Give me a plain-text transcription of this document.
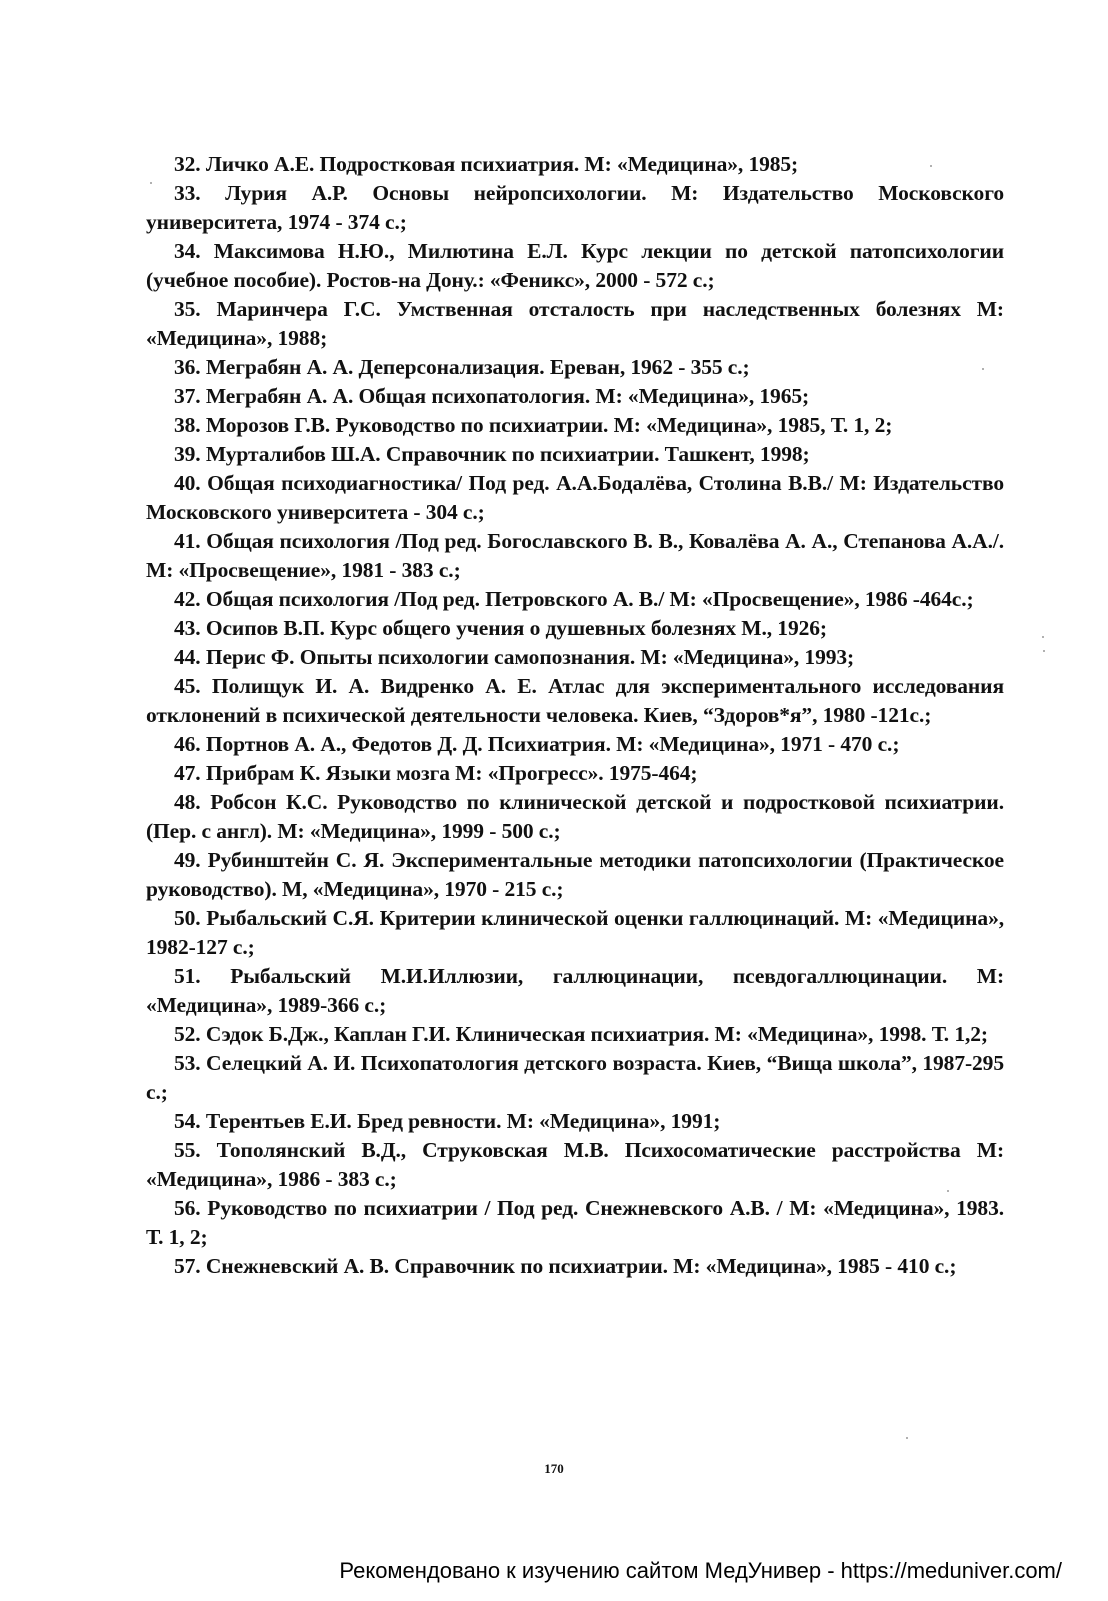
32. Личко А.Е. Подростковая психиатрия. М: «Медицина», 1985;
33. Лурия А.Р. Основы нейропсихологии. М: Издательство Московского университета, 1974 - 374 с.;
34. Максимова Н.Ю., Милютина Е.Л. Курс лекции по детской патопсихологии (учебное пособие). Ростов-на Дону.: «Феникс», 2000 - 572 с.;
35. Маринчера Г.С. Умственная отсталость при наследственных болезнях М: «Медицина», 1988;
36. Меграбян А. А. Деперсонализация. Ереван, 1962 - 355 с.;
37. Меграбян А. А. Общая психопатология. М: «Медицина», 1965;
38. Морозов Г.В. Руководство по психиатрии. М: «Медицина», 1985, Т. 1, 2;
39. Мурталибов Ш.А. Справочник по психиатрии. Ташкент, 1998;
40. Общая психодиагностика/ Под ред. А.А.Бодалёва, Столина В.В./ М: Издательство Московского университета - 304 с.;
41. Общая психология /Под ред. Богославского В. В., Ковалёва А. А., Степанова А.А./. М: «Просвещение», 1981 - 383 с.;
42. Общая психология /Под ред. Петровского А. В./ М: «Просвещение», 1986 -464с.;
43. Осипов В.П. Курс общего учения о душевных болезнях М., 1926;
44. Перис Ф. Опыты психологии самопознания. М: «Медицина», 1993;
45. Полищук И. А. Видренко А. Е. Атлас для экспериментального исследования отклонений в психической деятельности человека. Киев, “Здоров*я”, 1980 -121с.;
46. Портнов А. А., Федотов Д. Д. Психиатрия. М: «Медицина», 1971 - 470 с.;
47. Прибрам К. Языки мозга М: «Прогресс». 1975-464;
48. Робсон К.С. Руководство по клинической детской и подростковой психиатрии. (Пер. с англ). М: «Медицина», 1999 - 500 с.;
49. Рубинштейн С. Я. Экспериментальные методики патопсихологии (Практическое руководство). М, «Медицина», 1970 - 215 с.;
50. Рыбальский С.Я. Критерии клинической оценки галлюцинаций. М: «Медицина», 1982-127 с.;
51. Рыбальский М.И.Иллюзии, галлюцинации, псевдогаллюцинации. М: «Медицина», 1989-366 с.;
52. Сэдок Б.Дж., Каплан Г.И. Клиническая психиатрия. М: «Медицина», 1998. Т. 1,2;
53. Селецкий А. И. Психопатология детского возраста. Киев, “Вища школа”, 1987-295 с.;
54. Терентьев Е.И. Бред ревности. М: «Медицина», 1991;
55. Тополянский В.Д., Струковская М.В. Психосоматические расстройства М: «Медицина», 1986 - 383 с.;
56. Руководство по психиатрии / Под ред. Снежневского А.В. / М: «Медицина», 1983. Т. 1, 2;
57. Снежневский А. В. Справочник по психиатрии. М: «Медицина», 1985 - 410 с.;
170
Рекомендовано к изучению сайтом МедУнивер - https://meduniver.com/
